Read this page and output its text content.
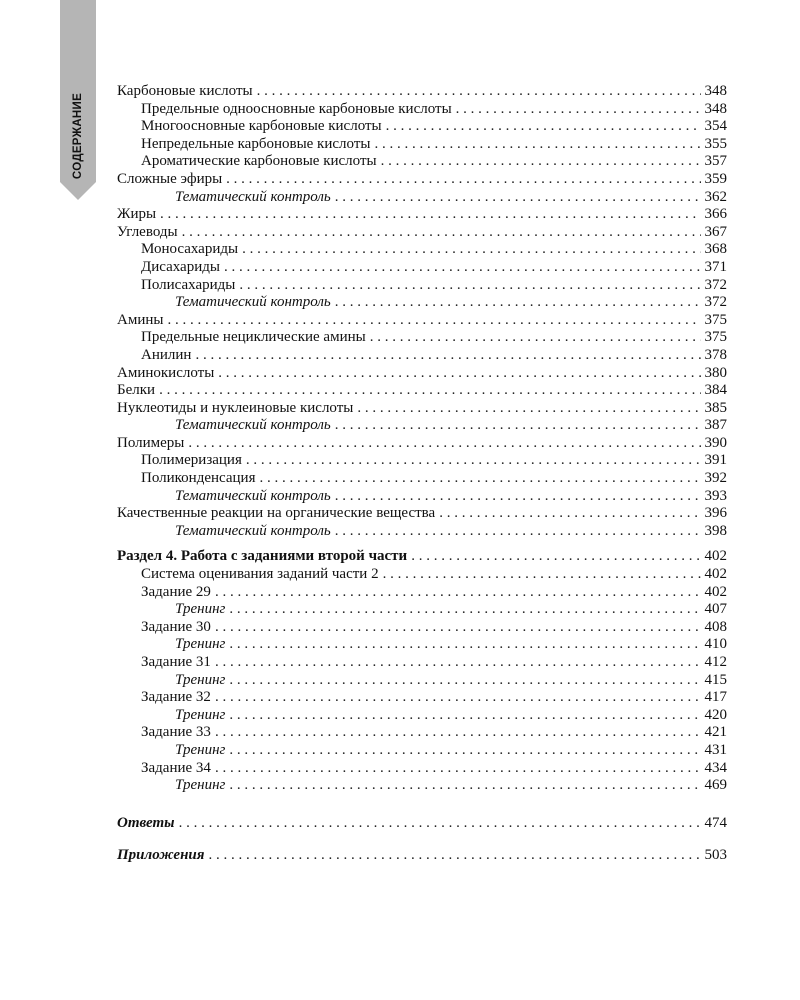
СОДЕРЖАНИЕ
Карбоновые кислоты . . .	348
Предельные одноосновные карбоновые кислоты . . .	348
Многоосновные карбоновые кислоты . . .	354
Непредельные карбоновые кислоты . . .	355
Ароматические карбоновые кислоты . . .	357
Сложные эфиры . . .	359
Тематический контроль . . .	362
Жиры . . .	366
Углеводы . . .	367
Моносахариды . . .	368
Дисахариды . . .	371
Полисахариды . . .	372
Тематический контроль . . .	372
Амины . . .	375
Предельные нециклические амины . . .	375
Анилин . . .	378
Аминокислоты . . .	380
Белки . . .	384
Нуклеотиды и нуклеиновые кислоты . . .	385
Тематический контроль . . .	387
Полимеры . . .	390
Полимеризация . . .	391
Поликонденсация . . .	392
Тематический контроль . . .	393
Качественные реакции на органические вещества . . .	396
Тематический контроль . . .	398
Раздел 4. Работа с заданиями второй части . . .	402
Система оценивания заданий части 2 . . .	402
Задание 29 . . .	402
Тренинг . . .	407
Задание 30 . . .	408
Тренинг . . .	410
Задание 31 . . .	412
Тренинг . . .	415
Задание 32 . . .	417
Тренинг . . .	420
Задание 33 . . .	421
Тренинг . . .	431
Задание 34 . . .	434
Тренинг . . .	469
Ответы . . .	474
Приложения . . .	503
